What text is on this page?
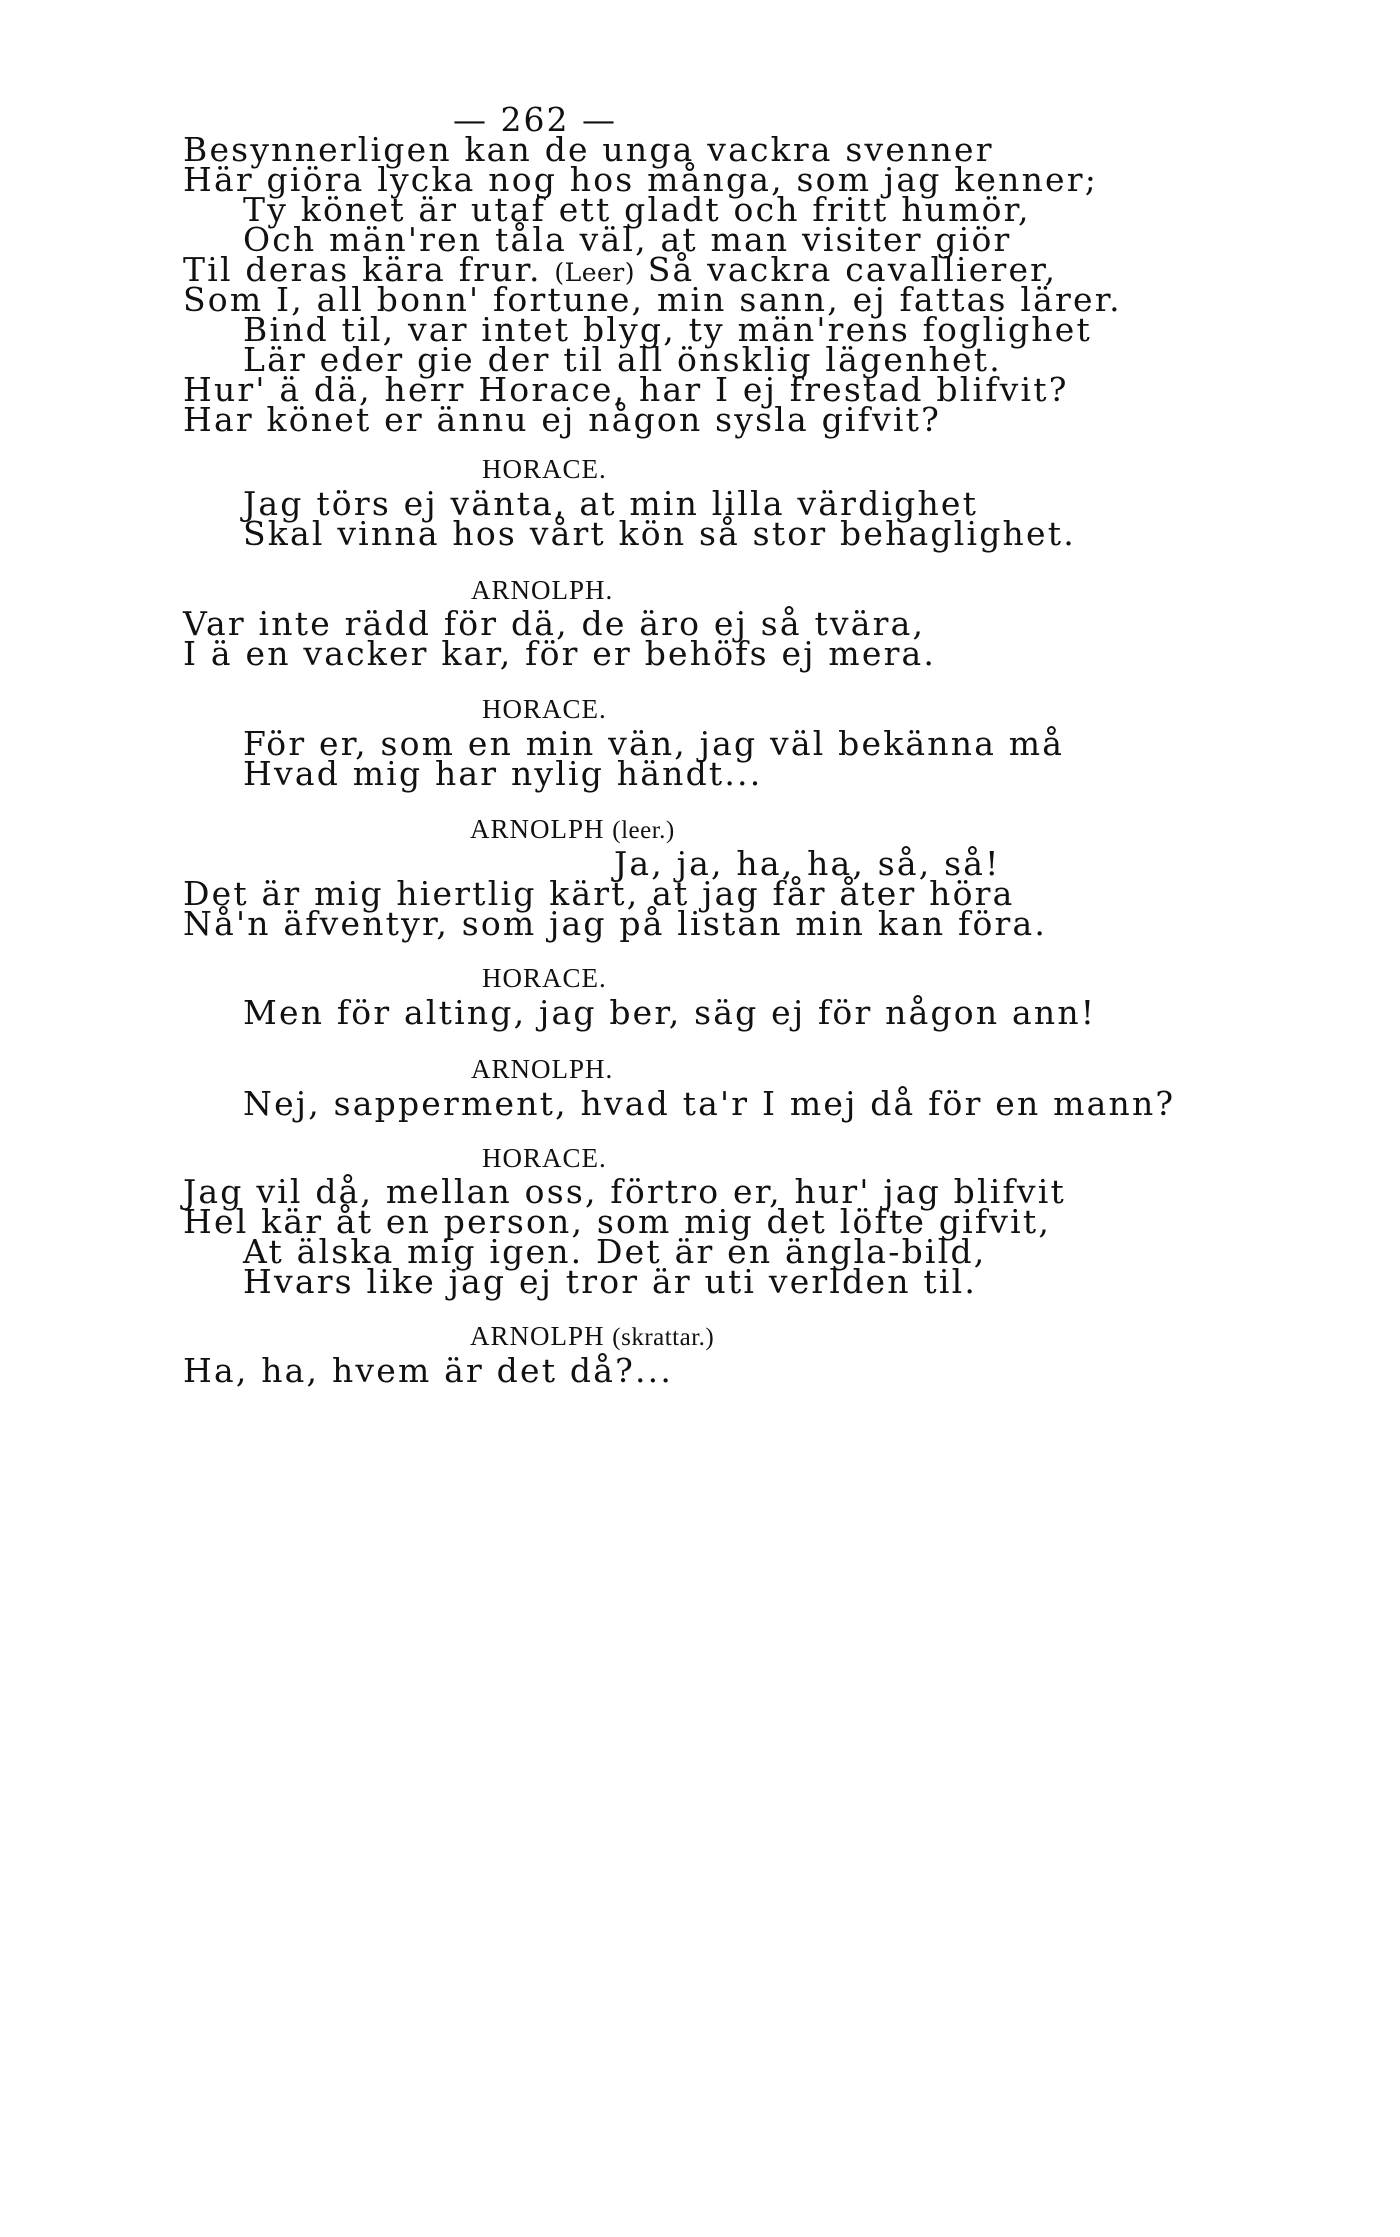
— 262 —
Besynnerligen kan de unga vackra svenner
Här giöra lycka nog hos många, som jag kenner;
Ty könet är utaf ett gladt och fritt humör,
Och män'ren tåla väl, at man visiter giör
Til deras kära frur. (Leer) Så vackra cavallierer,
Som I, all bonn' fortune, min sann, ej fattas lärer.
Bind til, var intet blyg, ty män'rens foglighet
Lär eder gie der til all önsklig lägenhet.
Hur' ä dä, herr Horace, har I ej frestad blifvit?
Har könet er ännu ej någon sysla gifvit?
HORACE.
Jag törs ej vänta, at min lilla värdighet
Skal vinna hos vårt kön så stor behaglighet.
ARNOLPH.
Var inte rädd för dä, de äro ej så tvära,
I ä en vacker kar, för er behöfs ej mera.
HORACE.
För er, som en min vän, jag väl bekänna må
Hvad mig har nylig händt...
ARNOLPH (leer.)
Ja, ja, ha, ha, så, så!
Det är mig hiertlig kärt, at jag får åter höra
Nå'n äfventyr, som jag på listan min kan föra.
HORACE.
Men för alting, jag ber, säg ej för någon ann!
ARNOLPH.
Nej, sapperment, hvad ta'r I mej då för en mann?
HORACE.
Jag vil då, mellan oss, förtro er, hur' jag blifvit
Hel kär åt en person, som mig det löfte gifvit,
At älska mig igen. Det är en ängla-bild,
Hvars like jag ej tror är uti verlden til.
ARNOLPH (skrattar.)
Ha, ha, hvem är det då?...
